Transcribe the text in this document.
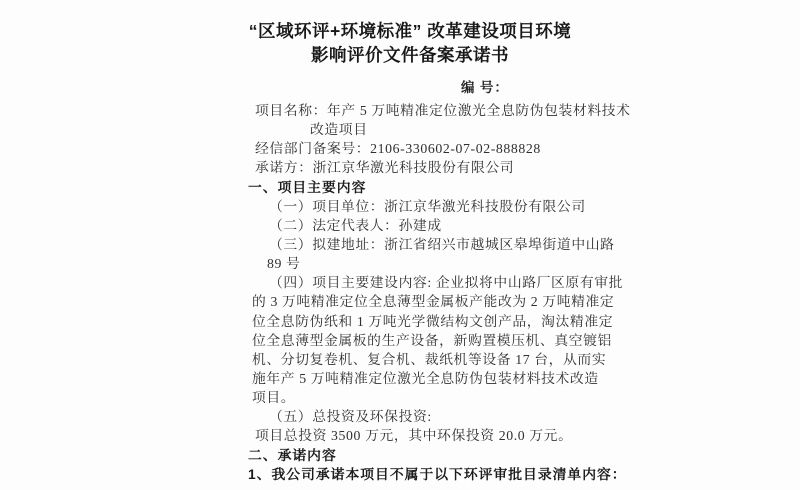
“区域环评+环境标准” 改革建设项目环境
影响评价文件备案承诺书
编 号：
项目名称：年产 5 万吨精准定位激光全息防伪包装材料技术
改造项目
经信部门备案号：2106-330602-07-02-888828
承诺方：浙江京华激光科技股份有限公司
一、项目主要内容
（一）项目单位：浙江京华激光科技股份有限公司
（二）法定代表人：孙建成
（三）拟建地址：浙江省绍兴市越城区皋埠街道中山路
89 号
（四）项目主要建设内容: 企业拟将中山路厂区原有审批
的 3 万吨精准定位全息薄型金属板产能改为 2 万吨精准定
位全息防伪纸和 1 万吨光学微结构文创产品，淘汰精准定
位全息薄型金属板的生产设备，新购置模压机、真空镀铝
机、分切复卷机、复合机、裁纸机等设备 17 台，从而实
施年产 5 万吨精准定位激光全息防伪包装材料技术改造
项目。
（五）总投资及环保投资:
项目总投资 3500 万元，其中环保投资 20.0 万元。
二、承诺内容
1、我公司承诺本项目不属于以下环评审批目录清单内容：
